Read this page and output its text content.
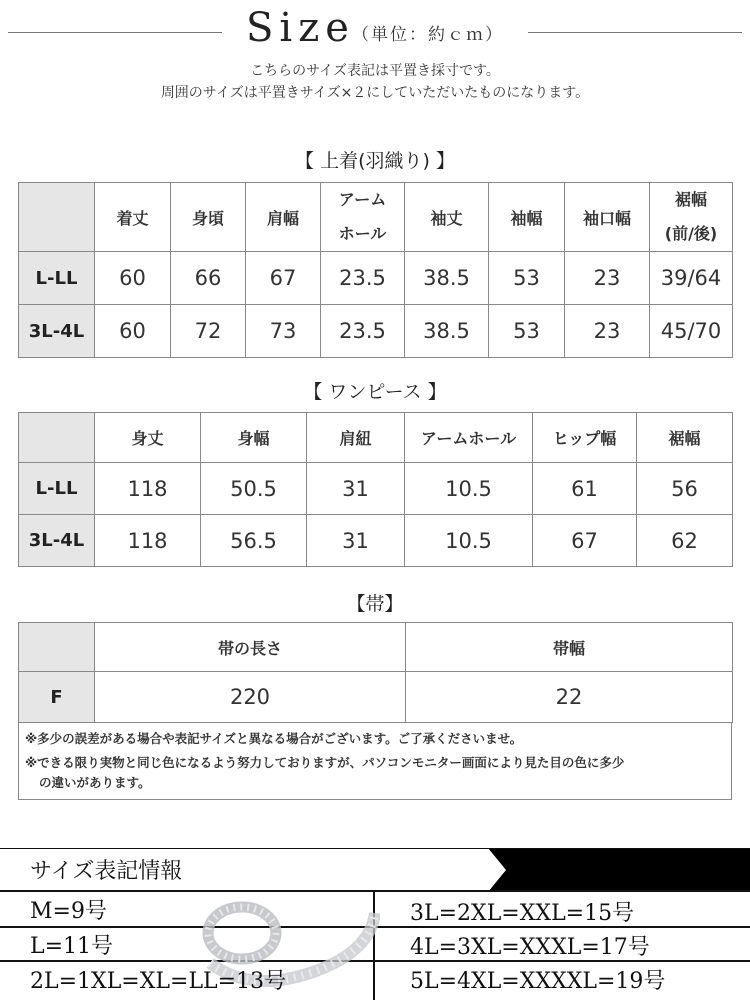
Size
（単位：約ｃｍ）
こちらのサイズ表記は平置き採寸です。
周囲のサイズは平置きサイズ×２にしていただいたものになります。
【 上着(羽織り) 】
	着丈	身頃	肩幅	アーム
ホール	袖丈	袖幅	袖口幅	裾幅
(前/後)
L-LL	60	66	67	23.5	38.5	53	23	39/64
3L-4L	60	72	73	23.5	38.5	53	23	45/70
【 ワンピース 】
	身丈	身幅	肩紐	アームホール	ヒップ幅	裾幅
L-LL	118	50.5	31	10.5	61	56
3L-4L	118	56.5	31	10.5	67	62
【帯】
	帯の長さ	帯幅
F	220	22
※多少の誤差がある場合や表記サイズと異なる場合がございます。ご了承くださいませ。
※できる限り実物と同じ色になるよう努力しておりますが、パソコンモニター画面により見た目の色に多少
の違いがあります。
サイズ表記情報
M=9号
L=11号
2L=1XL=XL=LL=13号
3L=2XL=XXL=15号
4L=3XL=XXXL=17号
5L=4XL=XXXXL=19号
